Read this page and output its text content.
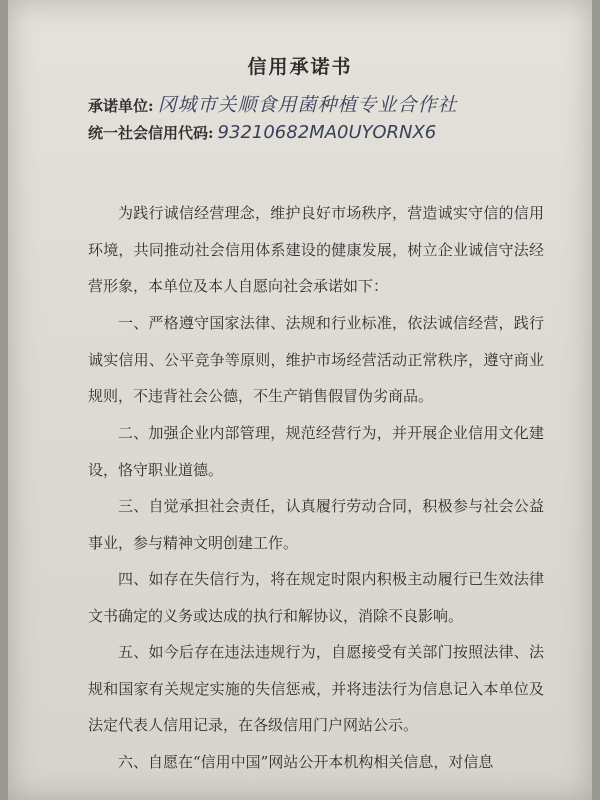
信用承诺书
承诺单位: 冈城市关顺食用菌种植专业合作社
统一社会信用代码: 93210682MA0UYORNX6

为践行诚信经营理念，维护良好市场秩序，营造诚实守信的信用环境，共同推动社会信用体系建设的健康发展，树立企业诚信守法经营形象，本单位及本人自愿向社会承诺如下：

一、严格遵守国家法律、法规和行业标准，依法诚信经营，践行诚实信用、公平竞争等原则，维护市场经营活动正常秩序，遵守商业规则，不违背社会公德，不生产销售假冒伪劣商品。

二、加强企业内部管理，规范经营行为，并开展企业信用文化建设，恪守职业道德。

三、自觉承担社会责任，认真履行劳动合同，积极参与社会公益事业，参与精神文明创建工作。

四、如存在失信行为，将在规定时限内积极主动履行已生效法律文书确定的义务或达成的执行和解协议，消除不良影响。

五、如今后存在违法违规行为，自愿接受有关部门按照法律、法规和国家有关规定实施的失信惩戒，并将违法行为信息记入本单位及法定代表人信用记录，在各级信用门户网站公示。

六、自愿在“信用中国”网站公开本机构相关信息，对信息
